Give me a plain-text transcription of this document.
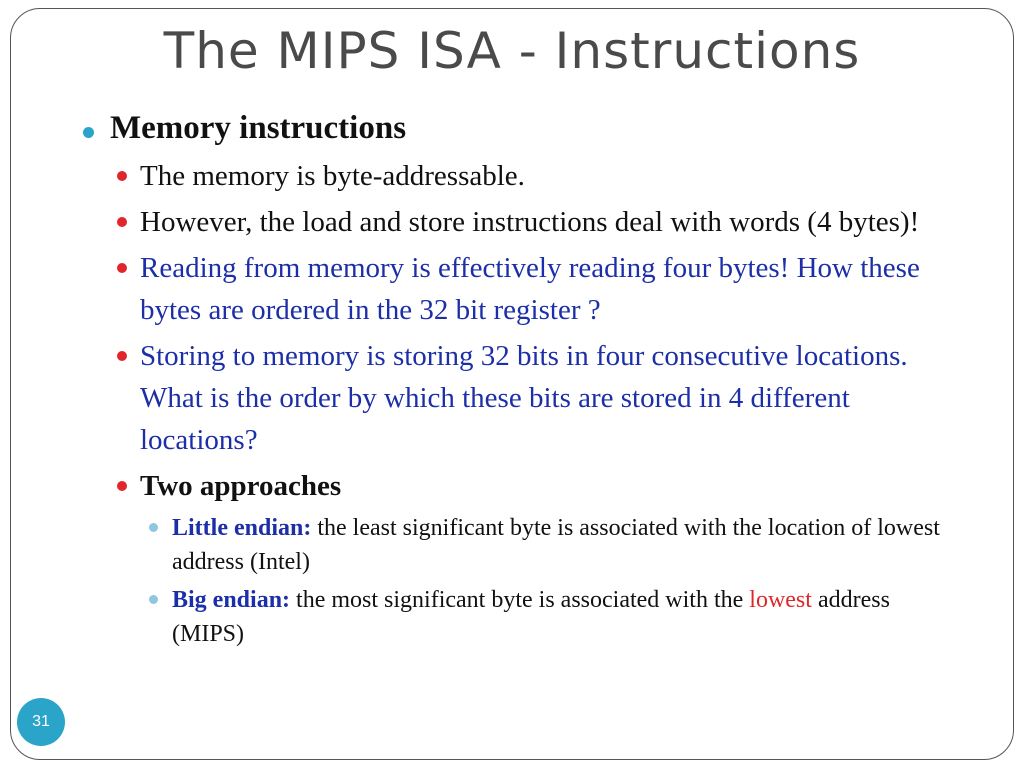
The MIPS ISA - Instructions
Memory instructions
The memory is byte-addressable.
However, the load and store instructions deal with words (4 bytes)!
Reading from memory is effectively reading four bytes! How these bytes are ordered in the 32 bit register ?
Storing to memory is storing 32 bits in four consecutive locations. What is the order by which these bits are stored in 4 different locations?
Two approaches
Little endian: the least significant byte is associated with the location of lowest address (Intel)
Big endian: the most significant byte is associated with the lowest address (MIPS)
31
